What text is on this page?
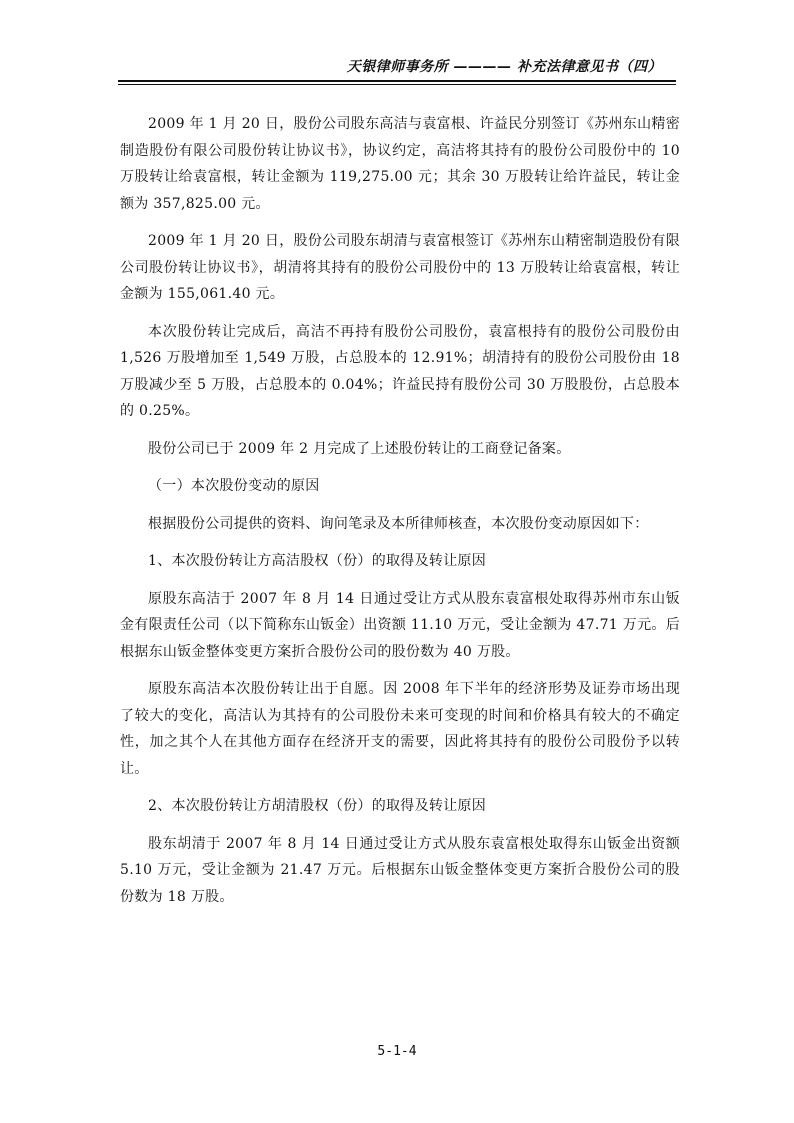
天银律师事务所 ———— 补充法律意见书（四）

2009 年 1 月 20 日，股份公司股东高洁与袁富根、许益民分别签订《苏州东山精密制造股份有限公司股份转让协议书》，协议约定，高洁将其持有的股份公司股份中的 10 万股转让给袁富根，转让金额为 119,275.00 元；其余 30 万股转让给许益民，转让金额为 357,825.00 元。

2009 年 1 月 20 日，股份公司股东胡清与袁富根签订《苏州东山精密制造股份有限公司股份转让协议书》，胡清将其持有的股份公司股份中的 13 万股转让给袁富根，转让金额为 155,061.40 元。

本次股份转让完成后，高洁不再持有股份公司股份，袁富根持有的股份公司股份由 1,526 万股增加至 1,549 万股，占总股本的 12.91%；胡清持有的股份公司股份由 18 万股减少至 5 万股，占总股本的 0.04%；许益民持有股份公司 30 万股股份，占总股本的 0.25%。

股份公司已于 2009 年 2 月完成了上述股份转让的工商登记备案。

（一）本次股份变动的原因

根据股份公司提供的资料、询问笔录及本所律师核查，本次股份变动原因如下：

1、本次股份转让方高洁股权（份）的取得及转让原因

原股东高洁于 2007 年 8 月 14 日通过受让方式从股东袁富根处取得苏州市东山钣金有限责任公司（以下简称东山钣金）出资额 11.10 万元，受让金额为 47.71 万元。后根据东山钣金整体变更方案折合股份公司的股份数为 40 万股。

原股东高洁本次股份转让出于自愿。因 2008 年下半年的经济形势及证券市场出现了较大的变化，高洁认为其持有的公司股份未来可变现的时间和价格具有较大的不确定性，加之其个人在其他方面存在经济开支的需要，因此将其持有的股份公司股份予以转让。

2、本次股份转让方胡清股权（份）的取得及转让原因

股东胡清于 2007 年 8 月 14 日通过受让方式从股东袁富根处取得东山钣金出资额 5.10 万元，受让金额为 21.47 万元。后根据东山钣金整体变更方案折合股份公司的股份数为 18 万股。

5-1-4
